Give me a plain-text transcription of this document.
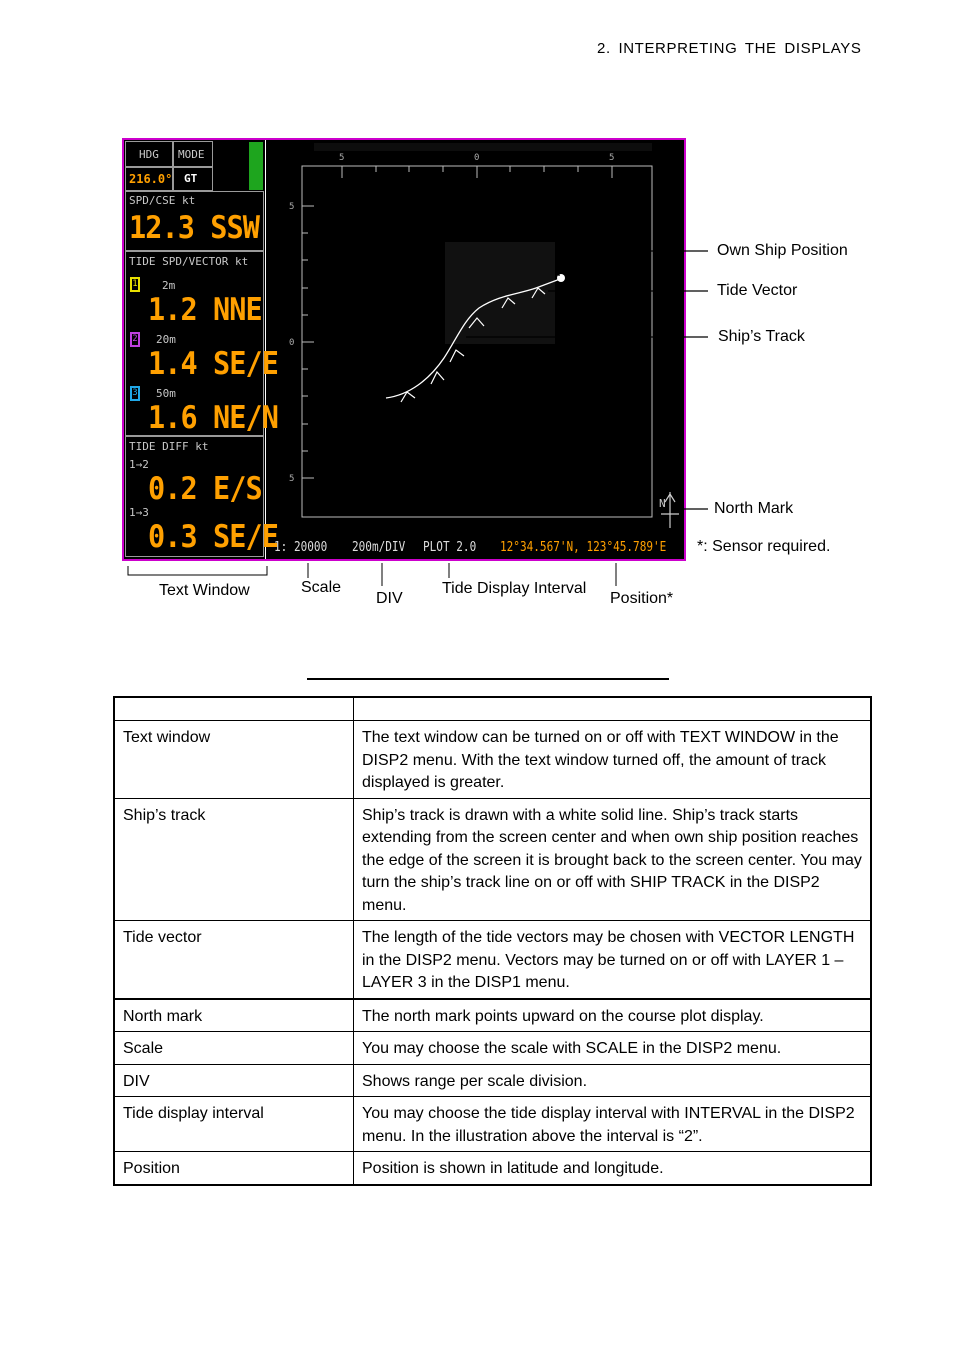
2. INTERPRETING THE DISPLAYS
HDG MODE
216.0° GT
SPD/CSE kt
12.3 SSW
TIDE SPD/VECTOR kt
1 2m
1.2 NNE
2 20m
1.4 SE/E
3 50m
1.6 NE/N
TIDE DIFF kt
1→2
0.2 E/S
1→3
0.3 SE/E
5	0	5
5
0
5
N
1: 20000 200m/DIV PLOT 2.0 12°34.567'N, 123°45.789'E
Own Ship Position
Tide Vector
Ship’s Track
North Mark
*: Sensor required.
Text Window	Scale
DIV
Tide Display Interval
Position*

Text window	The text window can be turned on or off with TEXT WINDOW in the DISP2 menu. With the text window turned off, the amount of track displayed is greater.
Ship’s track	Ship’s track is drawn with a white solid line. Ship’s track starts extending from the screen center and when own ship position reaches the edge of the screen it is brought back to the screen center. You may turn the ship’s track line on or off with SHIP TRACK in the DISP2 menu.
Tide vector	The length of the tide vectors may be chosen with VECTOR LENGTH in the DISP2 menu. Vectors may be turned on or off with LAYER 1 – LAYER 3 in the DISP1 menu.
North mark	The north mark points upward on the course plot display.
Scale	You may choose the scale with SCALE in the DISP2 menu.
DIV	Shows range per scale division.
Tide display interval	You may choose the tide display interval with INTERVAL in the DISP2 menu. In the illustration above the interval is “2”.
Position	Position is shown in latitude and longitude.
